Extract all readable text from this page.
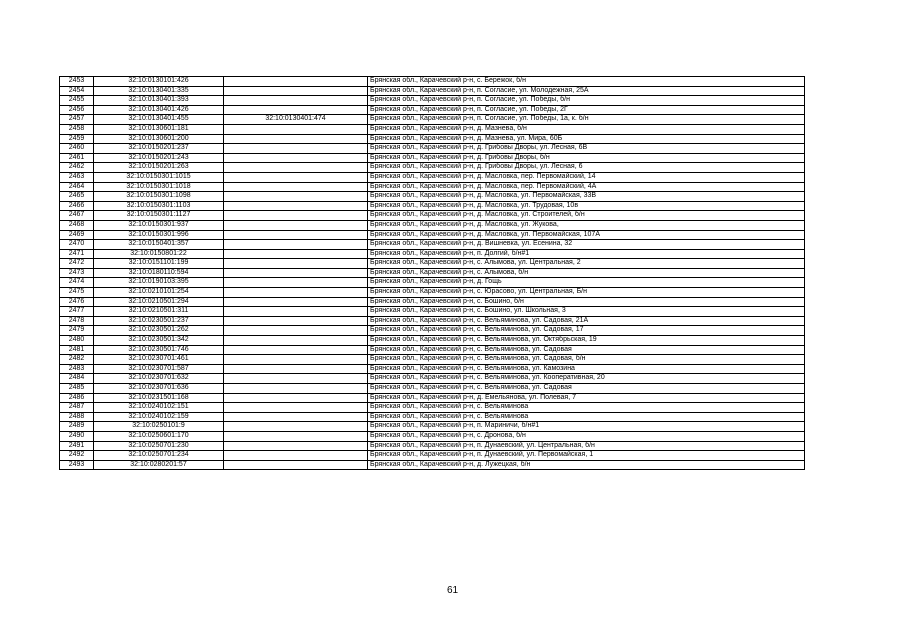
2453	32:10:0130101:426		Брянская обл., Карачевский р-н, с. Бережок, б/н
2454	32:10:0130401:335		Брянская обл., Карачевский р-н, п. Согласие, ул. Молодежная, 25А
2455	32:10:0130401:393		Брянская обл., Карачевский р-н, п. Согласие, ул. Победы, б/н
2456	32:10:0130401:426		Брянская обл., Карачевский р-н, п. Согласие, ул. Победы, 2Г
2457	32:10:0130401:455	32:10:0130401:474	Брянская обл., Карачевский р-н, п. Согласие, ул. Победы, 1а, к. б/н
2458	32:10:0130601:181		Брянская обл., Карачевский р-н, д. Мазнева, б/н
2459	32:10:0130601:200		Брянская обл., Карачевский р-н, д. Мазнева, ул. Мира, 60Б
2460	32:10:0150201:237		Брянская обл., Карачевский р-н, д. Грибовы Дворы, ул. Лесная, 6В
2461	32:10:0150201:243		Брянская обл., Карачевский р-н, д. Грибовы Дворы, б/н
2462	32:10:0150201:263		Брянская обл., Карачевский р-н, д. Грибовы Дворы, ул. Лесная, 6
2463	32:10:0150301:1015		Брянская обл., Карачевский р-н, д. Масловка, пер. Первомайский, 14
2464	32:10:0150301:1018		Брянская обл., Карачевский р-н, д. Масловка, пер. Первомайский, 4А
2465	32:10:0150301:1098		Брянская обл., Карачевский р-н, д. Масловка, ул. Первомайская, 33В
2466	32:10:0150301:1103		Брянская обл., Карачевский р-н, д. Масловка, ул. Трудовая, 10в
2467	32:10:0150301:1127		Брянская обл., Карачевский р-н, д. Масловка, ул. Строителей, б/н
2468	32:10:0150301:937		Брянская обл., Карачевский р-н, д. Масловка, ул. Жукова,
2469	32:10:0150301:996		Брянская обл., Карачевский р-н, д. Масловка, ул. Первомайская, 107А
2470	32:10:0150401:357		Брянская обл., Карачевский р-н, д. Вишневка, ул. Есенина, 32
2471	32:10:0150801:22		Брянская обл., Карачевский р-н, п. Долгий, б/н#1
2472	32:10:0151101:199		Брянская обл., Карачевский р-н, с. Алымова, ул. Центральная, 2
2473	32:10:0180110:594		Брянская обл., Карачевский р-н, с. Алымова, б/н
2474	32:10:0190103:395		Брянская обл., Карачевский р-н, д. Гощь
2475	32:10:0210101:254		Брянская обл., Карачевский р-н, с. Юрасово, ул. Центральная, Б/н
2476	32:10:0210501:294		Брянская обл., Карачевский р-н, с. Бошино, б/н
2477	32:10:0210501:311		Брянская обл., Карачевский р-н, с. Бошино, ул. Школьная, 3
2478	32:10:0230501:237		Брянская обл., Карачевский р-н, с. Вельяминова, ул. Садовая, 21А
2479	32:10:0230501:262		Брянская обл., Карачевский р-н, с. Вельяминова, ул. Садовая, 17
2480	32:10:0230501:342		Брянская обл., Карачевский р-н, с. Вельяминова, ул. Октябрьская, 19
2481	32:10:0230501:746		Брянская обл., Карачевский р-н, с. Вельяминова, ул. Садовая
2482	32:10:0230701:461		Брянская обл., Карачевский р-н, с. Вельяминова, ул. Садовая, б/н
2483	32:10:0230701:587		Брянская обл., Карачевский р-н, с. Вельяминова, ул. Камозина
2484	32:10:0230701:632		Брянская обл., Карачевский р-н, с. Вельяминова, ул. Кооперативная, 20
2485	32:10:0230701:636		Брянская обл., Карачевский р-н, с. Вельяминова, ул. Садовая
2486	32:10:0231501:168		Брянская обл., Карачевский р-н, д. Емельянова, ул. Полевая, 7
2487	32:10:0240102:151		Брянская обл., Карачевский р-н, с. Вельяминова
2488	32:10:0240102:159		Брянская обл., Карачевский р-н, с. Вельяминова
2489	32:10:0250101:9		Брянская обл., Карачевский р-н, п. Мариничи, б/н#1
2490	32:10:0250601:170		Брянская обл., Карачевский р-н, с. Дронова, б/н
2491	32:10:0250701:230		Брянская обл., Карачевский р-н, п. Дунаевский, ул. Центральная, б/н
2492	32:10:0250701:234		Брянская обл., Карачевский р-н, п. Дунаевский, ул. Первомайская, 1
2493	32:10:0280201:57		Брянская обл., Карачевский р-н, д. Лужецкая, б/н
61
